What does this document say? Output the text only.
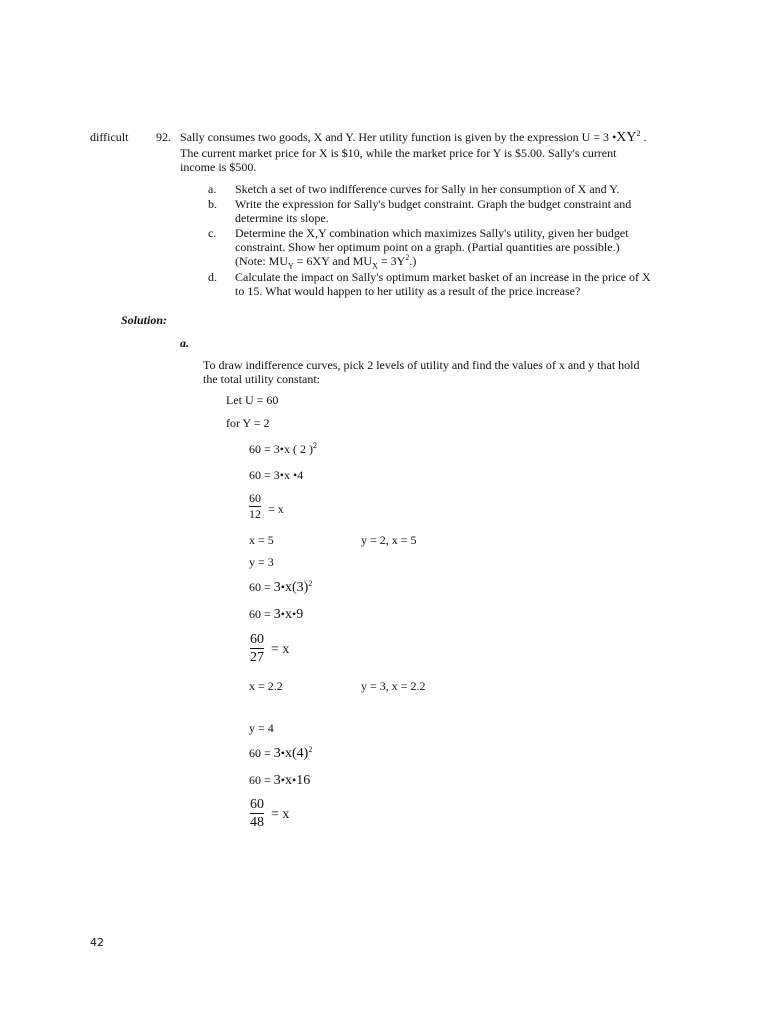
difficult 92. Sally consumes two goods, X and Y. Her utility function is given by the expression U = 3 $•XY^2$ .
The current market price for X is $10, while the market price for Y is $5.00. Sally's current
income is $500.
a. Sketch a set of two indifference curves for Sally in her consumption of X and Y.
b. Write the expression for Sally's budget constraint. Graph the budget constraint and
determine its slope.
c. Determine the X,Y combination which maximizes Sally's utility, given her budget
constraint. Show her optimum point on a graph. (Partial quantities are possible.)
(Note: $MU_Y = 6XY$ and $MU_X = 3Y^2$.)
d. Calculate the impact on Sally's optimum market basket of an increase in the price of X
to 15. What would happen to her utility as a result of the price increase?
Solution:
a.
To draw indifference curves, pick 2 levels of utility and find the values of x and y that hold
the total utility constant:
Let U = 60
for Y = 2
60 = 3•x ( 2 )$^2$
60 = 3•x •4
60
12 = x
x = 5	y = 2, x = 5
y = 3
$60 = 3•x(3)^2$
60 = 3•x•9
60
27
= x
x = 2.2	y = 3, x = 2.2
y = 4
$60 = 3•x(4)^2$
60 = 3•x•16
60
48
= x
42
